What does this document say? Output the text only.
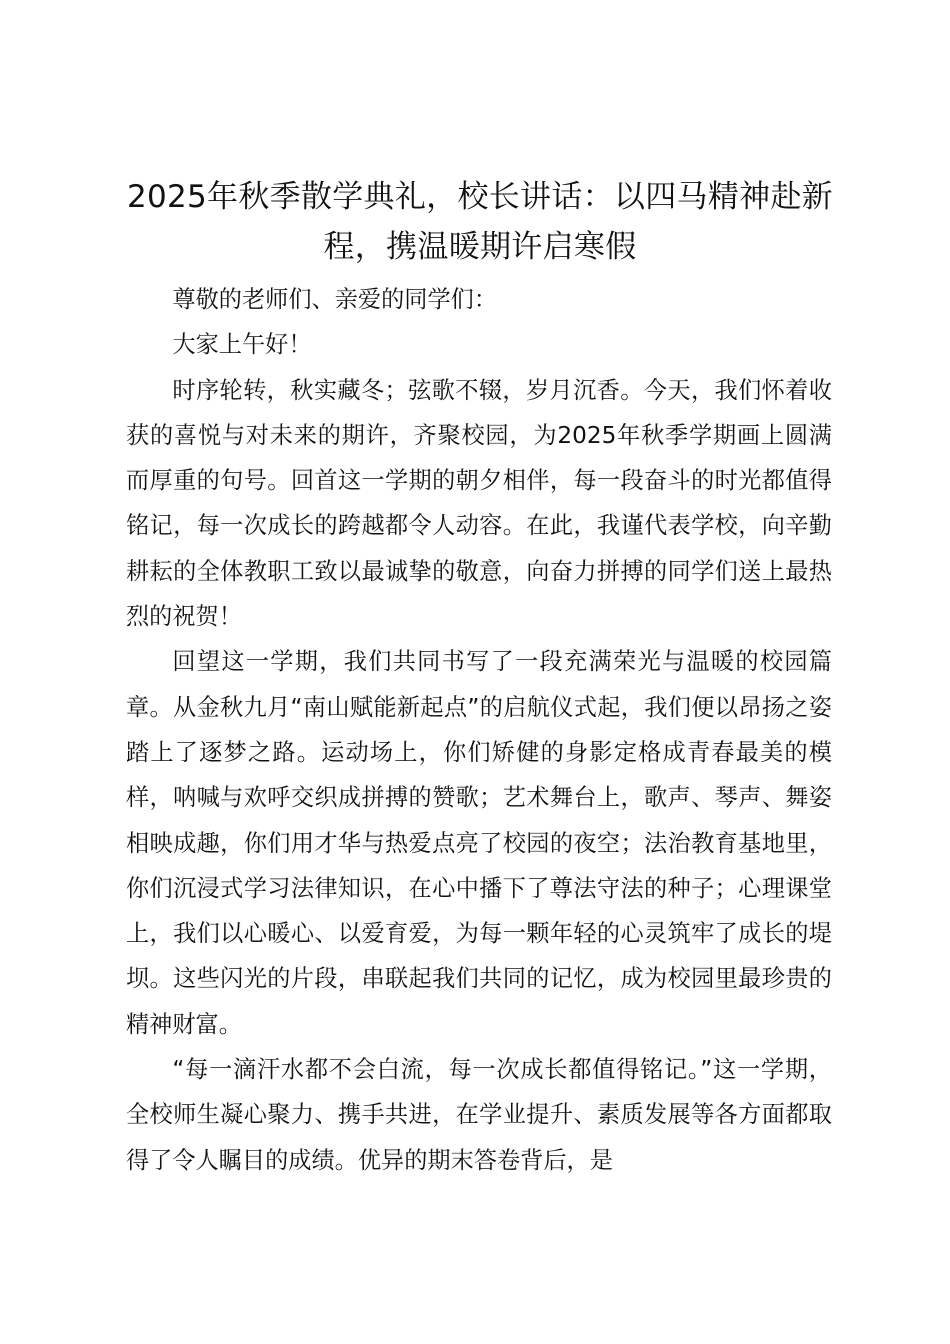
2025年秋季散学典礼，校长讲话：以四马精神赴新程，携温暖期许启寒假

尊敬的老师们、亲爱的同学们：

大家上午好！

时序轮转，秋实藏冬；弦歌不辍，岁月沉香。今天，我们怀着收获的喜悦与对未来的期许，齐聚校园，为2025年秋季学期画上圆满而厚重的句号。回首这一学期的朝夕相伴，每一段奋斗的时光都值得铭记，每一次成长的跨越都令人动容。在此，我谨代表学校，向辛勤耕耘的全体教职工致以最诚挚的敬意，向奋力拼搏的同学们送上最热烈的祝贺！

回望这一学期，我们共同书写了一段充满荣光与温暖的校园篇章。从金秋九月“南山赋能新起点”的启航仪式起，我们便以昂扬之姿踏上了逐梦之路。运动场上，你们矫健的身影定格成青春最美的模样，呐喊与欢呼交织成拼搏的赞歌；艺术舞台上，歌声、琴声、舞姿相映成趣，你们用才华与热爱点亮了校园的夜空；法治教育基地里，你们沉浸式学习法律知识，在心中播下了尊法守法的种子；心理课堂上，我们以心暖心、以爱育爱，为每一颗年轻的心灵筑牢了成长的堤坝。这些闪光的片段，串联起我们共同的记忆，成为校园里最珍贵的精神财富。

“每一滴汗水都不会白流，每一次成长都值得铭记。”这一学期，全校师生凝心聚力、携手共进，在学业提升、素质发展等各方面都取得了令人瞩目的成绩。优异的期末答卷背后，是
